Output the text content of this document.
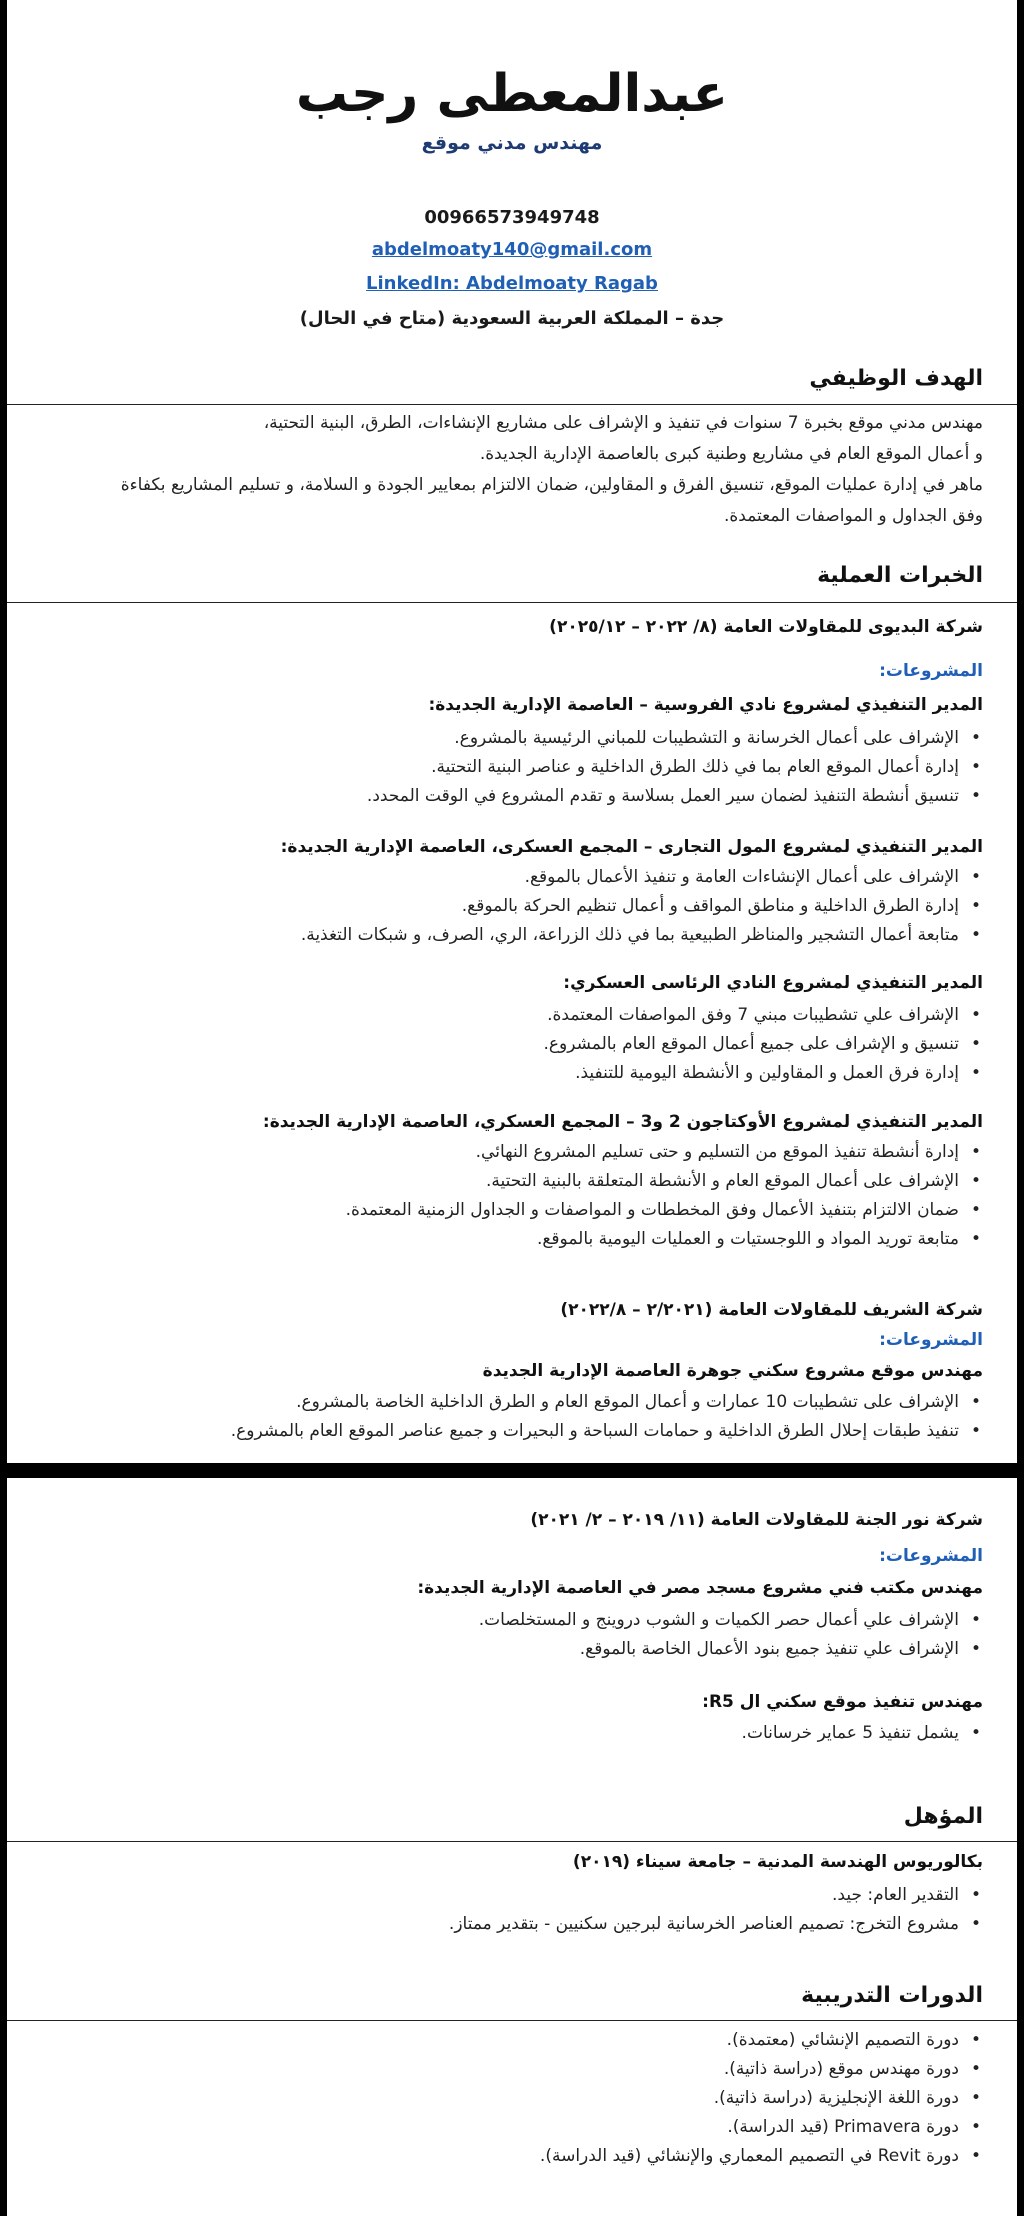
عبدالمعطى رجب
مهندس مدني موقع
00966573949748
abdelmoaty140@gmail.com
LinkedIn: Abdelmoaty Ragab
جدة – المملكة العربية السعودية (متاح في الحال)
الهدف الوظيفي
مهندس مدني موقع بخبرة 7 سنوات في تنفيذ و الإشراف على مشاريع الإنشاءات، الطرق، البنية التحتية،
و أعمال الموقع العام في مشاريع وطنية كبرى بالعاصمة الإدارية الجديدة.
ماهر في إدارة عمليات الموقع، تنسيق الفرق و المقاولين، ضمان الالتزام بمعايير الجودة و السلامة، و تسليم المشاريع بكفاءة
وفق الجداول و المواصفات المعتمدة.
الخبرات العملية
شركة البديوى للمقاولات العامة (٨/ ٢٠٢٢ – ٢٠٢٥/١٢)
المشروعات:
المدير التنفيذي لمشروع نادي الفروسية – العاصمة الإدارية الجديدة:
• الإشراف على أعمال الخرسانة و التشطيبات للمباني الرئيسية بالمشروع.
• إدارة أعمال الموقع العام بما في ذلك الطرق الداخلية و عناصر البنية التحتية.
• تنسيق أنشطة التنفيذ لضمان سير العمل بسلاسة و تقدم المشروع في الوقت المحدد.
المدير التنفيذي لمشروع المول التجارى – المجمع العسكرى، العاصمة الإدارية الجديدة:
• الإشراف على أعمال الإنشاءات العامة و تنفيذ الأعمال بالموقع.
• إدارة الطرق الداخلية و مناطق المواقف و أعمال تنظيم الحركة بالموقع.
• متابعة أعمال التشجير والمناظر الطبيعية بما في ذلك الزراعة، الري، الصرف، و شبكات التغذية.
المدير التنفيذي لمشروع النادي الرئاسى العسكري:
• الإشراف علي تشطيبات مبني 7 وفق المواصفات المعتمدة.
• تنسيق و الإشراف على جميع أعمال الموقع العام بالمشروع.
• إدارة فرق العمل و المقاولين و الأنشطة اليومية للتنفيذ.
المدير التنفيذي لمشروع الأوكتاجون 2 و3 – المجمع العسكري، العاصمة الإدارية الجديدة:
• إدارة أنشطة تنفيذ الموقع من التسليم و حتى تسليم المشروع النهائي.
• الإشراف على أعمال الموقع العام و الأنشطة المتعلقة بالبنية التحتية.
• ضمان الالتزام بتنفيذ الأعمال وفق المخططات و المواصفات و الجداول الزمنية المعتمدة.
• متابعة توريد المواد و اللوجستيات و العمليات اليومية بالموقع.
شركة الشريف للمقاولات العامة (٢/٢٠٢١ – ٢٠٢٢/٨)
المشروعات:
مهندس موقع مشروع سكني جوهرة العاصمة الإدارية الجديدة
• الإشراف على تشطيبات 10 عمارات و أعمال الموقع العام و الطرق الداخلية الخاصة بالمشروع.
• تنفيذ طبقات إحلال الطرق الداخلية و حمامات السباحة و البحيرات و جميع عناصر الموقع العام بالمشروع.
شركة نور الجنة للمقاولات العامة (١١/ ٢٠١٩ – ٢/ ٢٠٢١)
المشروعات:
مهندس مكتب فني مشروع مسجد مصر في العاصمة الإدارية الجديدة:
• الإشراف علي أعمال حصر الكميات و الشوب دروينج و المستخلصات.
• الإشراف علي تنفيذ جميع بنود الأعمال الخاصة بالموقع.
مهندس تنفيذ موقع سكني ال R5:
• يشمل تنفيذ 5 عماير خرسانات.
المؤهل
بكالوريوس الهندسة المدنية – جامعة سيناء (٢٠١٩)
• التقدير العام: جيد.
• مشروع التخرج: تصميم العناصر الخرسانية لبرجين سكنيين - بتقدير ممتاز.
الدورات التدريبية
• دورة التصميم الإنشائي (معتمدة).
• دورة مهندس موقع (دراسة ذاتية).
• دورة اللغة الإنجليزية (دراسة ذاتية).
• دورة Primavera (قيد الدراسة).
• دورة Revit في التصميم المعماري والإنشائي (قيد الدراسة).
